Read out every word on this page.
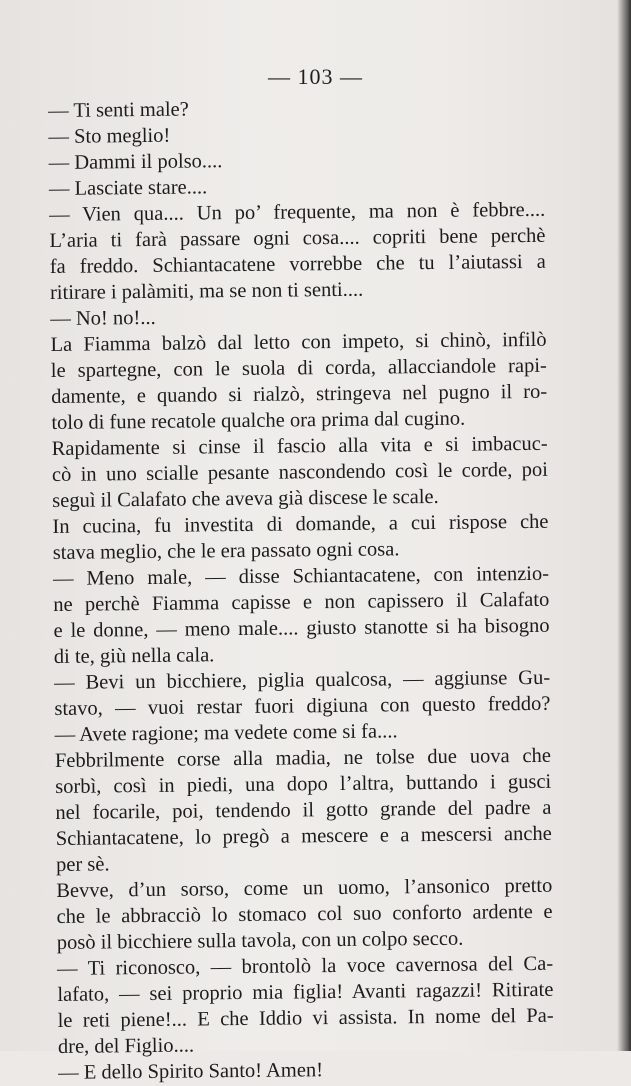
— 103 —
— Ti senti male?
— Sto meglio!
— Dammi il polso....
— Lasciate stare....
— Vien qua.... Un po’ frequente, ma non è febbre....
L’aria ti farà passare ogni cosa.... copriti bene perchè
fa freddo. Schiantacatene vorrebbe che tu l’aiutassi a
ritirare i palàmiti, ma se non ti senti....
— No! no!...
La Fiamma balzò dal letto con impeto, si chinò, infilò
le spartegne, con le suola di corda, allacciandole rapi-
damente, e quando si rialzò, stringeva nel pugno il ro-
tolo di fune recatole qualche ora prima dal cugino.
Rapidamente si cinse il fascio alla vita e si imbacuc-
cò in uno scialle pesante nascondendo così le corde, poi
seguì il Calafato che aveva già discese le scale.
In cucina, fu investita di domande, a cui rispose che
stava meglio, che le era passato ogni cosa.
— Meno male, — disse Schiantacatene, con intenzio-
ne perchè Fiamma capisse e non capissero il Calafato
e le donne, — meno male.... giusto stanotte si ha bisogno
di te, giù nella cala.
— Bevi un bicchiere, piglia qualcosa, — aggiunse Gu-
stavo, — vuoi restar fuori digiuna con questo freddo?
— Avete ragione; ma vedete come si fa....
Febbrilmente corse alla madia, ne tolse due uova che
sorbì, così in piedi, una dopo l’altra, buttando i gusci
nel focarile, poi, tendendo il gotto grande del padre a
Schiantacatene, lo pregò a mescere e a mescersi anche
per sè.
Bevve, d’un sorso, come un uomo, l’ansonico pretto
che le abbracciò lo stomaco col suo conforto ardente e
posò il bicchiere sulla tavola, con un colpo secco.
— Ti riconosco, — brontolò la voce cavernosa del Ca-
lafato, — sei proprio mia figlia! Avanti ragazzi! Ritirate
le reti piene!... E che Iddio vi assista. In nome del Pa-
dre, del Figlio....
— E dello Spirito Santo! Amen!
